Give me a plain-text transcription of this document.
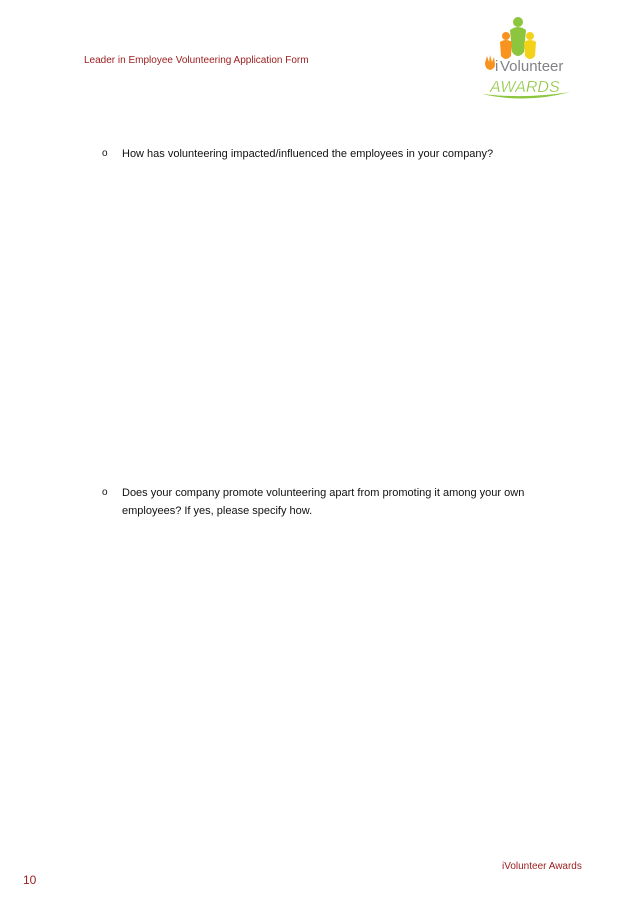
Leader in Employee Volunteering Application Form	i Volunteer
AWARDS
o How has volunteering impacted/influenced the employees in your company?
o Does your company promote volunteering apart from promoting it among your own employees? If yes, please specify how.
iVolunteer Awards
10
